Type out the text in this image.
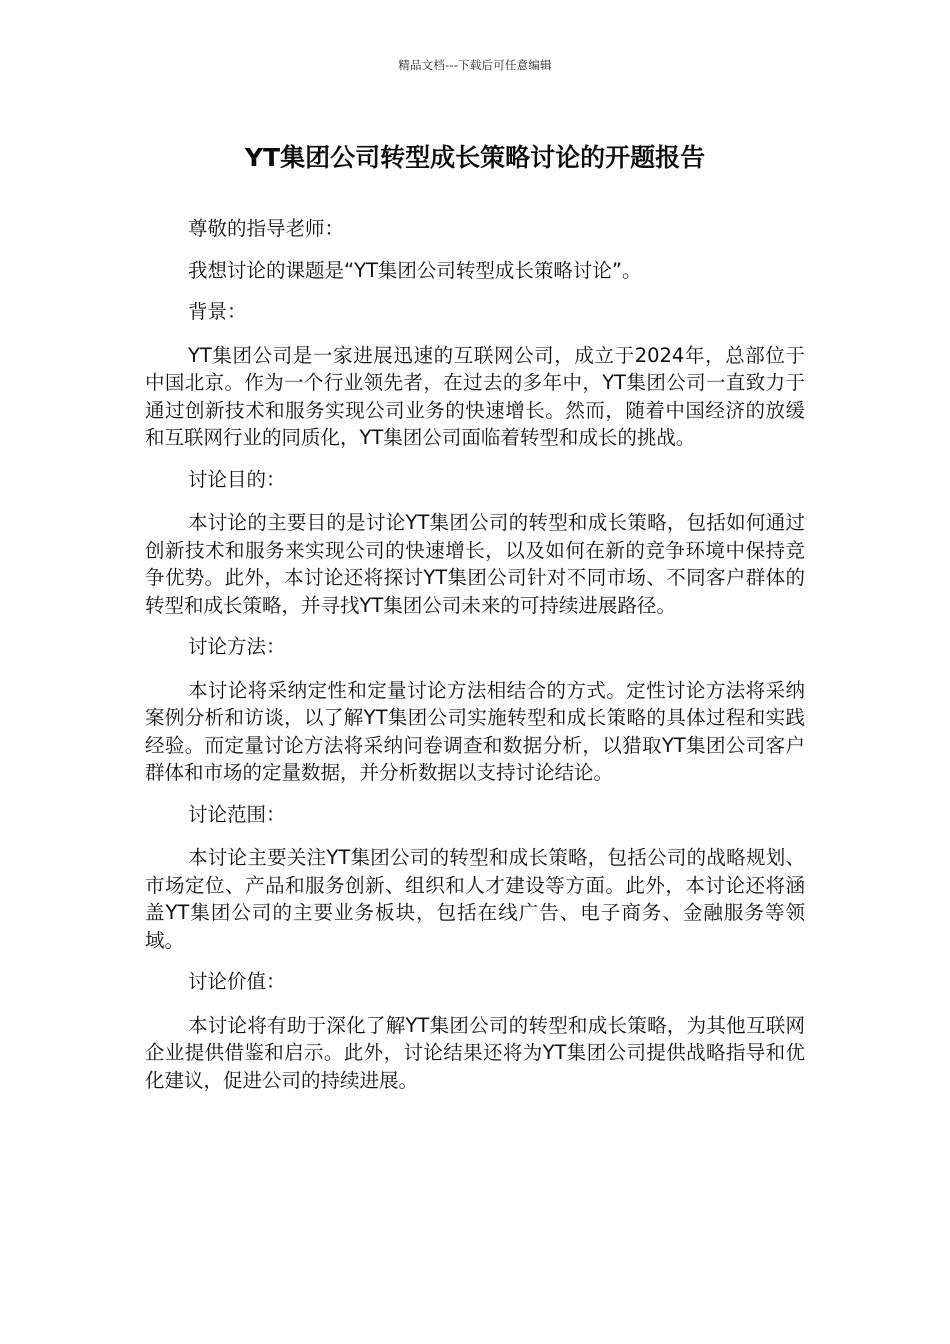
精品文档---下载后可任意编辑
YT集团公司转型成长策略讨论的开题报告

尊敬的指导老师：

我想讨论的课题是“YT集团公司转型成长策略讨论”。

背景：

YT集团公司是一家进展迅速的互联网公司，成立于2024年，总部位于中国北京。作为一个行业领先者，在过去的多年中，YT集团公司一直致力于通过创新技术和服务实现公司业务的快速增长。然而，随着中国经济的放缓和互联网行业的同质化，YT集团公司面临着转型和成长的挑战。

讨论目的：

本讨论的主要目的是讨论YT集团公司的转型和成长策略，包括如何通过创新技术和服务来实现公司的快速增长，以及如何在新的竞争环境中保持竞争优势。此外，本讨论还将探讨YT集团公司针对不同市场、不同客户群体的转型和成长策略，并寻找YT集团公司未来的可持续进展路径。

讨论方法：

本讨论将采纳定性和定量讨论方法相结合的方式。定性讨论方法将采纳案例分析和访谈，以了解YT集团公司实施转型和成长策略的具体过程和实践经验。而定量讨论方法将采纳问卷调查和数据分析，以猎取YT集团公司客户群体和市场的定量数据，并分析数据以支持讨论结论。

讨论范围：

本讨论主要关注YT集团公司的转型和成长策略，包括公司的战略规划、市场定位、产品和服务创新、组织和人才建设等方面。此外，本讨论还将涵盖YT集团公司的主要业务板块，包括在线广告、电子商务、金融服务等领域。

讨论价值：

本讨论将有助于深化了解YT集团公司的转型和成长策略，为其他互联网企业提供借鉴和启示。此外，讨论结果还将为YT集团公司提供战略指导和优化建议，促进公司的持续进展。
